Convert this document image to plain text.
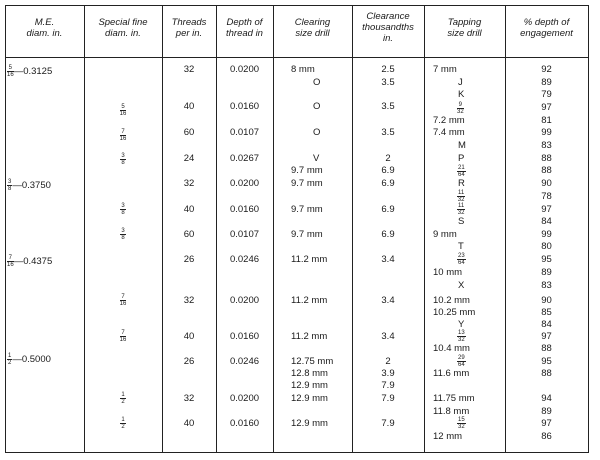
M.E.
diam. in.
Special fine
diam. in.
Threads
per in.
Depth of
thread in
Clearing
size drill
Clearance
thousandths
in.
Tapping
size drill
% depth of
engagement
$\frac{5}{16}$ —0.3125
$\frac{3}{8}$ —0.3750
$\frac{7}{16}$ —0.4375
$\frac{1}{2}$ —0.5000
$\frac{5}{16}$
$\frac{7}{16}$
$\frac{3}{8}$
$\frac{3}{8}$
$\frac{3}{8}$
$\frac{7}{16}$
$\frac{7}{16}$
$\frac{1}{2}$
$\frac{1}{2}$
32
40
60
24
32
40
60
26
32
40
26
32
40
0.0200
0.0160
0.0107
0.0267
0.0200
0.0160
0.0107
0.0246
0.0200
0.0160
0.0246
0.0200
0.0160
8 mm
O
O
O
V
9.7 mm
9.7 mm
9.7 mm
9.7 mm
11.2 mm
11.2 mm
11.2 mm
12.75 mm
12.8 mm
12.9 mm
12.9 mm
12.9 mm
2.5
3.5
3.5
3.5
2
6.9
6.9
6.9
6.9
3.4
3.4
3.4
2
3.9
7.9
7.9
7.9
7 mm
J
K
$\frac{9}{32}$
7.2 mm
7.4 mm
M
P
$\frac{21}{64}$
R
$\frac{11}{32}$
$\frac{11}{32}$
S
9 mm
T
$\frac{23}{64}$
10 mm
X
10.2 mm
10.25 mm
Y
$\frac{13}{32}$
10.4 mm
$\frac{29}{64}$
11.6 mm
11.75 mm
11.8 mm
$\frac{15}{32}$
12 mm
92
89
79
97
81
99
83
88
88
90
78
97
84
99
80
95
89
83
90
85
84
97
88
95
88
94
89
97
86
